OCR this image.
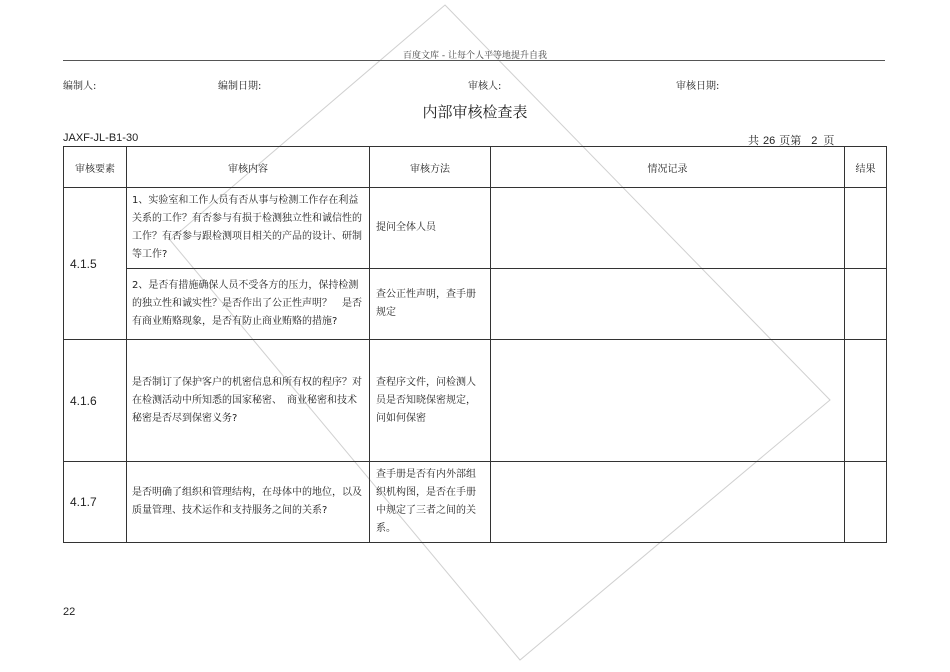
百度文库 - 让每个人平等地提升自我
编制人:	编制日期:	审核人:	审核日期:
内部审核检查表
JAXF-JL-B1-30	共 26 页第 2 页
审核要素	审核内容	审核方法	情况记录	结果
4.1.5	1、实验室和工作人员有否从事与检测工作存在利益关系的工作？有否参与有损于检测独立性和诚信性的工作？有否参与跟检测项目相关的产品的设计、研制等工作?	提问全体人员		
	2、是否有措施确保人员不受各方的压力，保持检测的独立性和诚实性？是否作出了公正性声明？　是否有商业贿赂现象，是否有防止商业贿赂的措施?	查公正性声明，查手册规定		
4.1.6	是否制订了保护客户的机密信息和所有权的程序？对在检测活动中所知悉的国家秘密、　商业秘密和技术秘密是否尽到保密义务?	查程序文件，问检测人员是否知晓保密规定，问如何保密		
4.1.7	是否明确了组织和管理结构，在母体中的地位，以及质量管理、技术运作和支持服务之间的关系?	查手册是否有内外部组织机构图，是否在手册中规定了三者之间的关系。		
22
